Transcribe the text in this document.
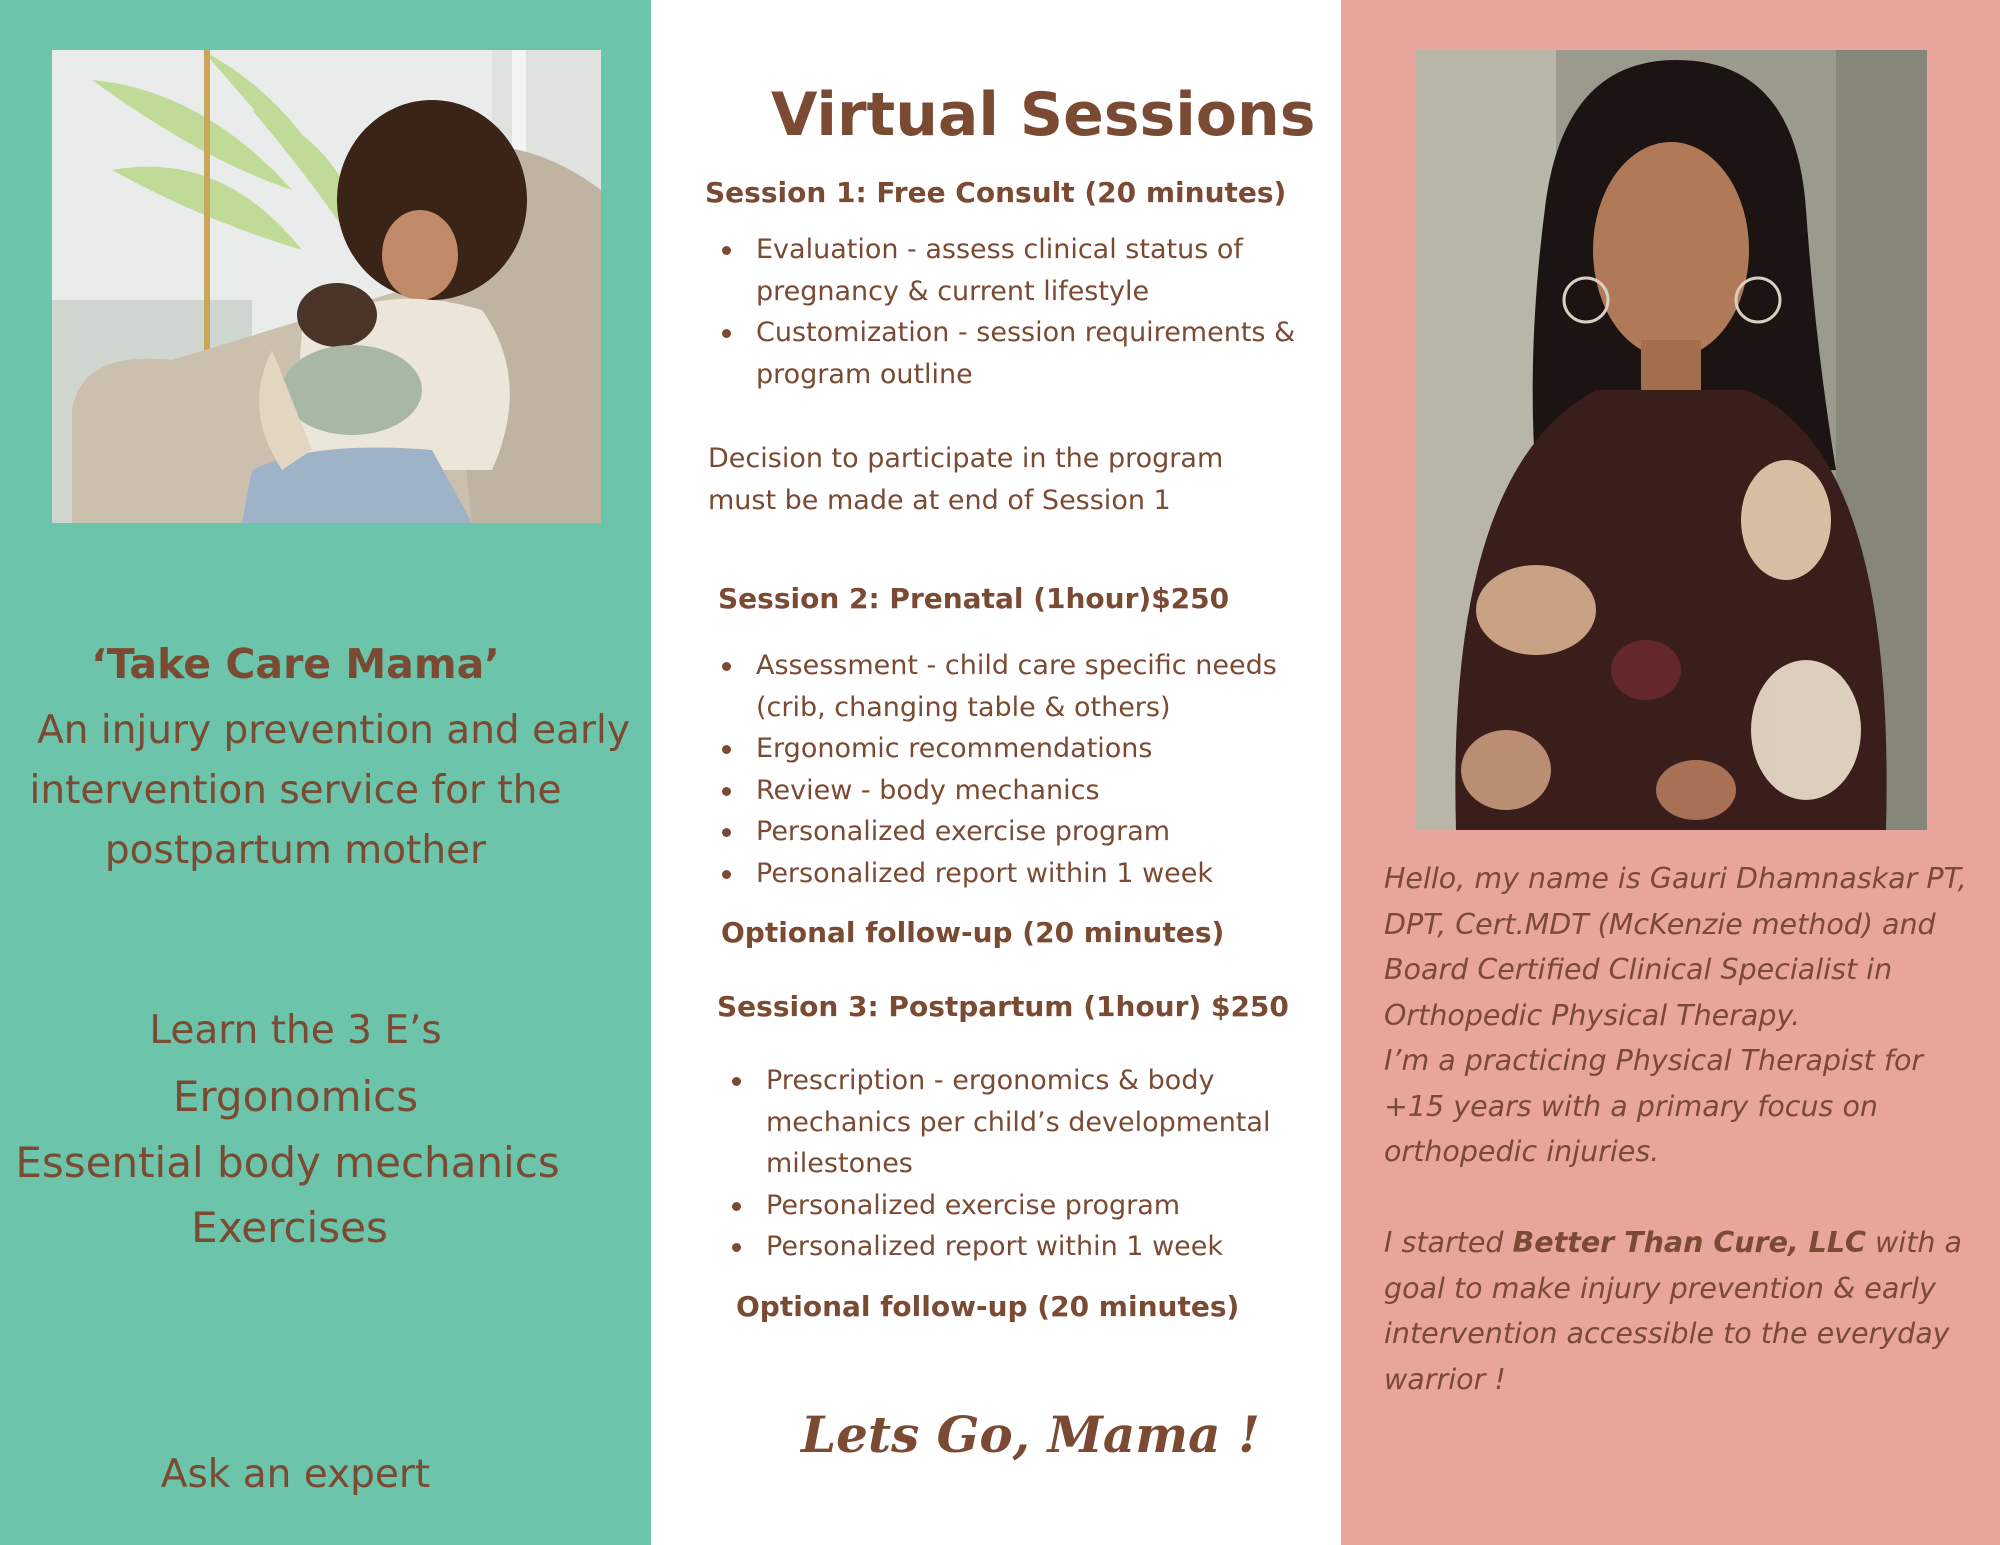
‘Take Care Mama’
An injury prevention and early
intervention service for the
postpartum mother
Learn the 3 E’s
Ergonomics
Essential body mechanics
Exercises
Ask an expert
Virtual Sessions
Session 1: Free Consult (20 minutes)
Evaluation - assess clinical status of pregnancy & current lifestyle
Customization - session requirements & program outline
Decision to participate in the program must be made at end of Session 1
Session 2: Prenatal (1hour)$250
Assessment - child care specific needs (crib, changing table & others)
Ergonomic recommendations
Review - body mechanics
Personalized exercise program
Personalized report within 1 week
Optional follow-up (20 minutes)
Session 3: Postpartum (1hour) $250
Prescription - ergonomics & body mechanics per child’s developmental milestones
Personalized exercise program
Personalized report within 1 week
Optional follow-up (20 minutes)
Lets Go, Mama !
Hello, my name is Gauri Dhamnaskar PT, DPT, Cert.MDT (McKenzie method) and Board Certified Clinical Specialist in Orthopedic Physical Therapy.
I’m a practicing Physical Therapist for +15 years with a primary focus on orthopedic injuries.
I started Better Than Cure, LLC with a goal to make injury prevention & early intervention accessible to the everyday warrior !
